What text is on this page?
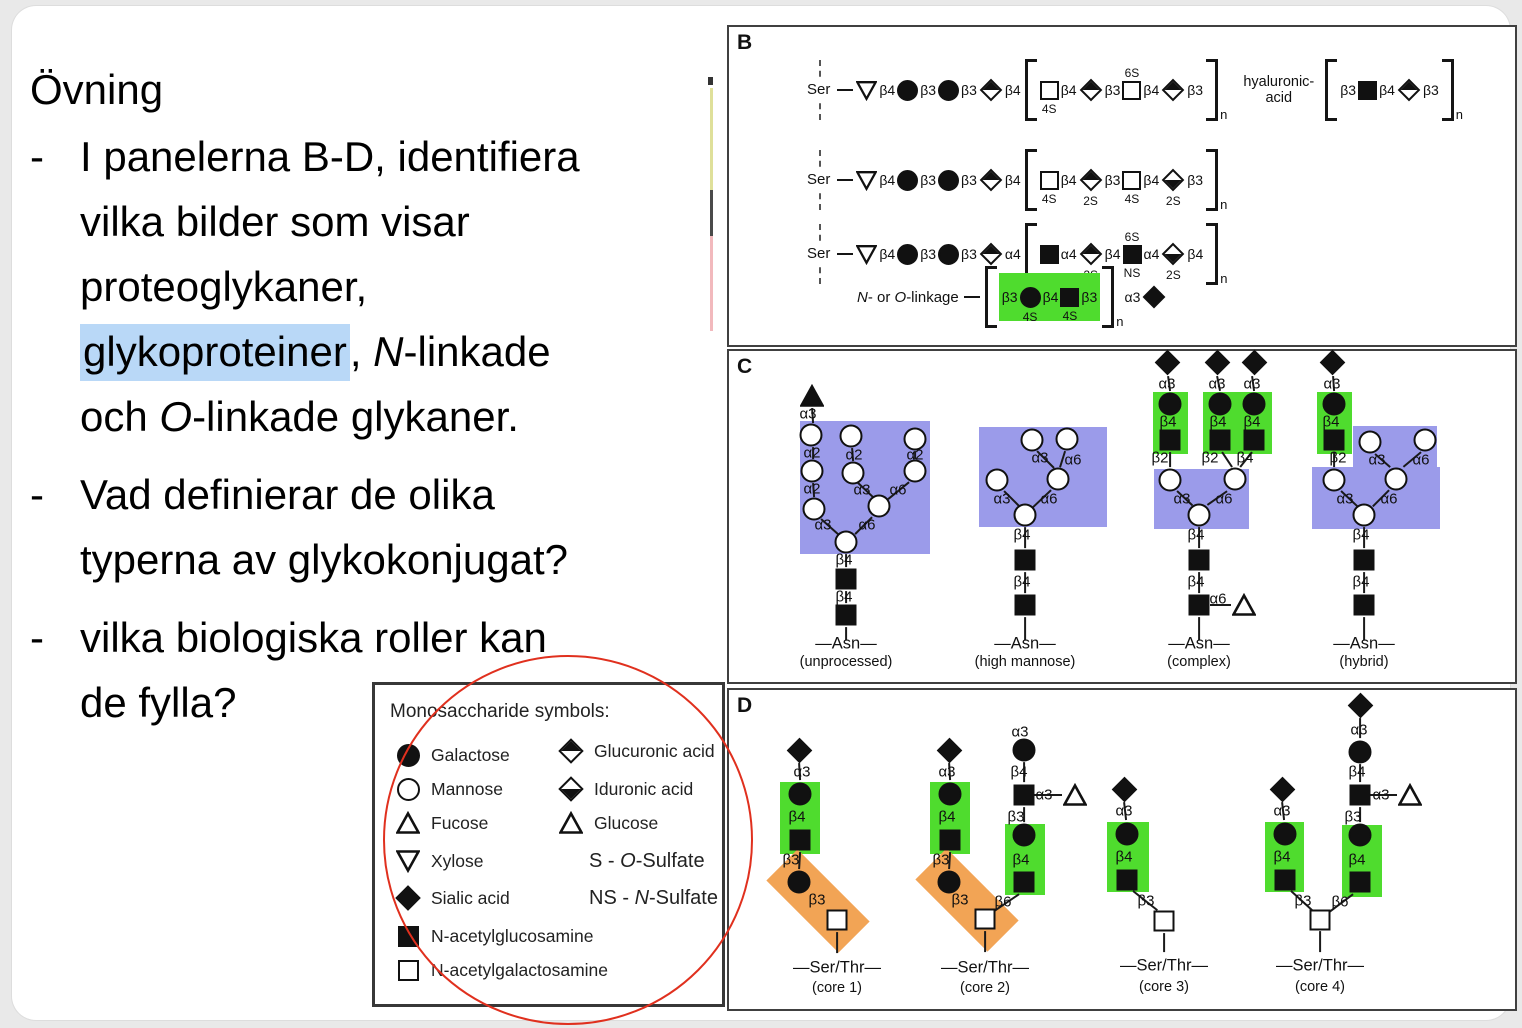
Övning
- I panelerna B-D, identifiera
vilka bilder som visar
proteoglykaner,
glykoproteiner, N-linkade
och O-linkade glykaner.
- Vad definierar de olika
typerna av glykokonjugat?
- vilka biologiska roller kan
de fylla?
B
Ser	β4 β3 β3 β4
4S
β4 β3
6S
β4 β3
n
hyaluronic-
acid	β3 β4 β3
n
Ser	β4 β3 β3 β4
4S
β4
2S
β3
4S
β4
2S
β3
n
Ser	β4 β3 β3 α4	α4 β4
6S
NS
α4
2S
β4
n
N- or O-linkage	β3
4S
β4
4S
β3
n
α3
C
α3
α2 α2	α2
α2 α3 α6
α3 α6
β4
β4
α3 α6
α3 α6
β4
β4
α3 α3 α3
β4 β4 β4
β2 β2 β4
α3 α6
β4
β4
α6
α3
β4
β2 α3 α6
α3 α6
β4
β4
—Asn—
(unprocessed)
—Asn—
(high mannose)
—Asn—
(complex)
—Asn—
(hybrid)
D
α3
β4
β3
β3
α3
β4
β3
β3 β6
α3
β4
α3
β3
β4
α3
β4
β3
α3
β4
β3
α3
β4
α3
β3
β4
β6
—Ser/Thr—
(core 1)
—Ser/Thr—
(core 2)
—Ser/Thr—
(core 3)
—Ser/Thr—
(core 4)
Monosaccharide symbols:
Galactose
Mannose
Fucose
Xylose
Sialic acid
N-acetylglucosamine
N-acetylgalactosamine
Glucuronic acid
Iduronic acid
Glucose
S - O-Sulfate
NS - N-Sulfate
